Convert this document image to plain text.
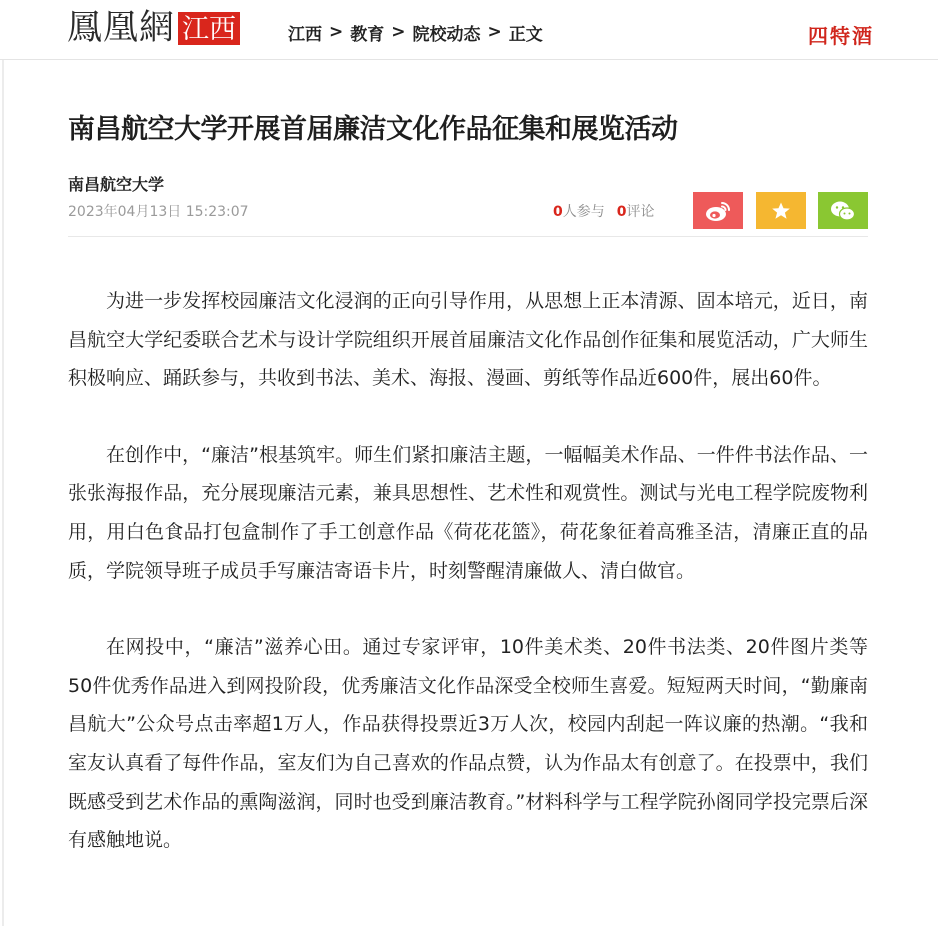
鳳凰網 江西	江西 > 教育 > 院校动态 > 正文	四特酒
南昌航空大学开展首届廉洁文化作品征集和展览活动
南昌航空大学
2023年04月13日 15:23:07	0人参与 0评论

为进一步发挥校园廉洁文化浸润的正向引导作用，从思想上正本清源、固本培元，近日，南昌航空大学纪委联合艺术与设计学院组织开展首届廉洁文化作品创作征集和展览活动，广大师生积极响应、踊跃参与，共收到书法、美术、海报、漫画、剪纸等作品近600件，展出60件。

在创作中，“廉洁”根基筑牢。师生们紧扣廉洁主题，一幅幅美术作品、一件件书法作品、一张张海报作品，充分展现廉洁元素，兼具思想性、艺术性和观赏性。测试与光电工程学院废物利用，用白色食品打包盒制作了手工创意作品《荷花花篮》，荷花象征着高雅圣洁，清廉正直的品质，学院领导班子成员手写廉洁寄语卡片，时刻警醒清廉做人、清白做官。

在网投中，“廉洁”滋养心田。通过专家评审，10件美术类、20件书法类、20件图片类等50件优秀作品进入到网投阶段，优秀廉洁文化作品深受全校师生喜爱。短短两天时间，“勤廉南昌航大”公众号点击率超1万人，作品获得投票近3万人次，校园内刮起一阵议廉的热潮。“我和室友认真看了每件作品，室友们为自己喜欢的作品点赞，认为作品太有创意了。在投票中，我们既感受到艺术作品的熏陶滋润，同时也受到廉洁教育。”材料科学与工程学院孙阁同学投完票后深有感触地说。
